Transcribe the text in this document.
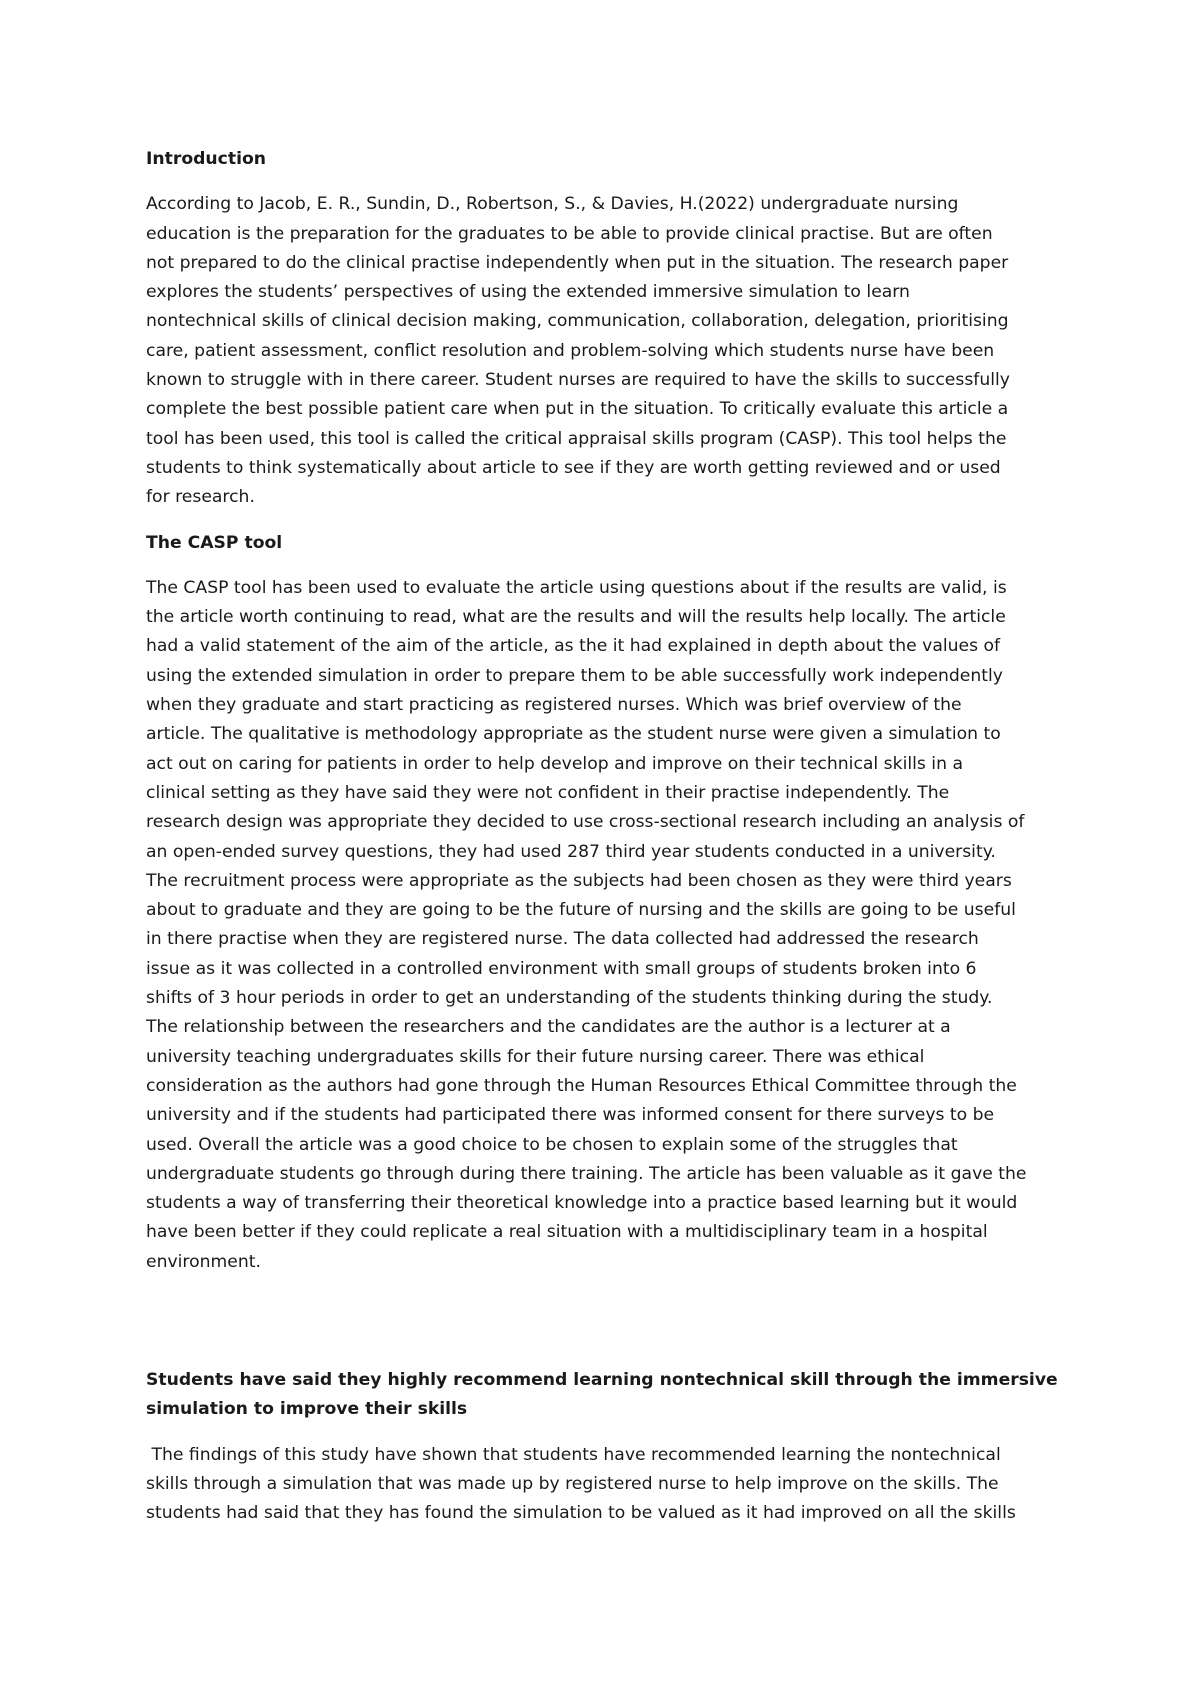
Introduction
According to Jacob, E. R., Sundin, D., Robertson, S., & Davies, H.(2022) undergraduate nursing
education is the preparation for the graduates to be able to provide clinical practise. But are often
not prepared to do the clinical practise independently when put in the situation. The research paper
explores the students’ perspectives of using the extended immersive simulation to learn
nontechnical skills of clinical decision making, communication, collaboration, delegation, prioritising
care, patient assessment, conflict resolution and problem-solving which students nurse have been
known to struggle with in there career. Student nurses are required to have the skills to successfully
complete the best possible patient care when put in the situation. To critically evaluate this article a
tool has been used, this tool is called the critical appraisal skills program (CASP). This tool helps the
students to think systematically about article to see if they are worth getting reviewed and or used
for research.
The CASP tool
The CASP tool has been used to evaluate the article using questions about if the results are valid, is
the article worth continuing to read, what are the results and will the results help locally. The article
had a valid statement of the aim of the article, as the it had explained in depth about the values of
using the extended simulation in order to prepare them to be able successfully work independently
when they graduate and start practicing as registered nurses. Which was brief overview of the
article. The qualitative is methodology appropriate as the student nurse were given a simulation to
act out on caring for patients in order to help develop and improve on their technical skills in a
clinical setting as they have said they were not confident in their practise independently. The
research design was appropriate they decided to use cross-sectional research including an analysis of
an open-ended survey questions, they had used 287 third year students conducted in a university.
The recruitment process were appropriate as the subjects had been chosen as they were third years
about to graduate and they are going to be the future of nursing and the skills are going to be useful
in there practise when they are registered nurse. The data collected had addressed the research
issue as it was collected in a controlled environment with small groups of students broken into 6
shifts of 3 hour periods in order to get an understanding of the students thinking during the study.
The relationship between the researchers and the candidates are the author is a lecturer at a
university teaching undergraduates skills for their future nursing career. There was ethical
consideration as the authors had gone through the Human Resources Ethical Committee through the
university and if the students had participated there was informed consent for there surveys to be
used. Overall the article was a good choice to be chosen to explain some of the struggles that
undergraduate students go through during there training. The article has been valuable as it gave the
students a way of transferring their theoretical knowledge into a practice based learning but it would
have been better if they could replicate a real situation with a multidisciplinary team in a hospital
environment.
Students have said they highly recommend learning nontechnical skill through the immersive
simulation to improve their skills
The findings of this study have shown that students have recommended learning the nontechnical
skills through a simulation that was made up by registered nurse to help improve on the skills. The
students had said that they has found the simulation to be valued as it had improved on all the skills
